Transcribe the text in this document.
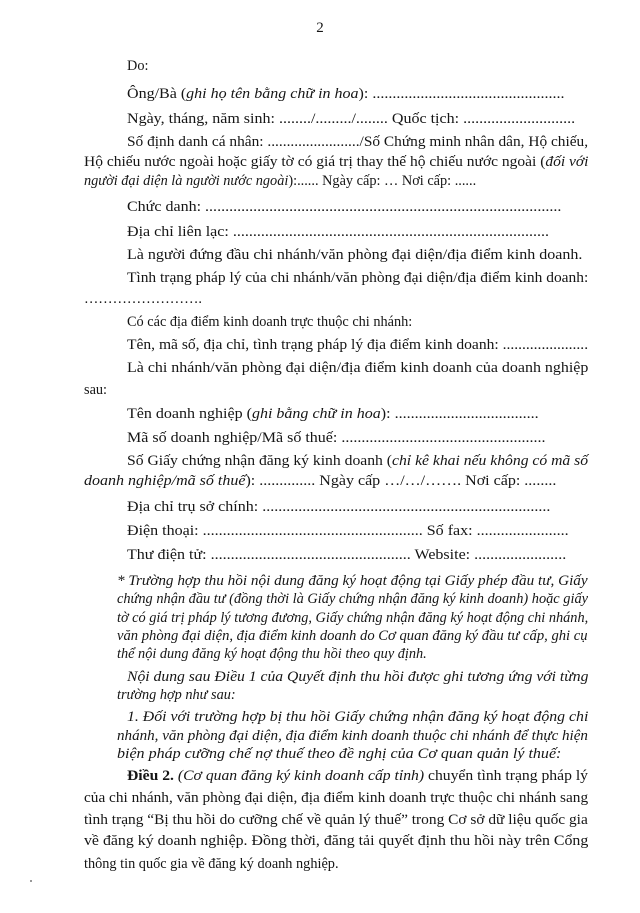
2
Do:
Ông/Bà (ghi họ tên bằng chữ in hoa): ................................................
Ngày, tháng, năm sinh: ......../........./........ Quốc tịch: ............................
Số định danh cá nhân: ......................../Số Chứng minh nhân dân, Hộ chiếu,
Hộ chiếu nước ngoài hoặc giấy tờ có giá trị thay thế hộ chiếu nước ngoài (đối với
người đại diện là người nước ngoài):...... Ngày cấp: … Nơi cấp: ......
Chức danh: .........................................................................................
Địa chỉ liên lạc: ...............................................................................
Là người đứng đầu chi nhánh/văn phòng đại diện/địa điểm kinh doanh.
Tình trạng pháp lý của chi nhánh/văn phòng đại diện/địa điểm kinh doanh:
…………………….
Có các địa điểm kinh doanh trực thuộc chi nhánh:
Tên, mã số, địa chỉ, tình trạng pháp lý địa điểm kinh doanh: ......................
Là chi nhánh/văn phòng đại diện/địa điểm kinh doanh của doanh nghiệp
sau:
Tên doanh nghiệp (ghi bằng chữ in hoa): ....................................
Mã số doanh nghiệp/Mã số thuế: ...................................................
Số Giấy chứng nhận đăng ký kinh doanh (chỉ kê khai nếu không có mã số
doanh nghiệp/mã số thuế): .............. Ngày cấp …/…/……. Nơi cấp: ........
Địa chỉ trụ sở chính: ........................................................................
Điện thoại: ....................................................... Số fax: .......................
Thư điện tử: .................................................. Website: .......................
* Trường hợp thu hồi nội dung đăng ký hoạt động tại Giấy phép đầu tư, Giấy
chứng nhận đầu tư (đồng thời là Giấy chứng nhận đăng ký kinh doanh) hoặc giấy
tờ có giá trị pháp lý tương đương, Giấy chứng nhận đăng ký hoạt động chi nhánh,
văn phòng đại diện, địa điểm kinh doanh do Cơ quan đăng ký đầu tư cấp, ghi cụ
thể nội dung đăng ký hoạt động thu hồi theo quy định.
Nội dung sau Điều 1 của Quyết định thu hồi được ghi tương ứng với từng
trường hợp như sau:
1. Đối với trường hợp bị thu hồi Giấy chứng nhận đăng ký hoạt động chi
nhánh, văn phòng đại diện, địa điểm kinh doanh thuộc chi nhánh để thực hiện
biện pháp cưỡng chế nợ thuế theo đề nghị của Cơ quan quản lý thuế:
Điều 2. (Cơ quan đăng ký kinh doanh cấp tỉnh) chuyển tình trạng pháp lý
của chi nhánh, văn phòng đại diện, địa điểm kinh doanh trực thuộc chi nhánh sang
tình trạng “Bị thu hồi do cưỡng chế về quản lý thuế” trong Cơ sở dữ liệu quốc gia
về đăng ký doanh nghiệp. Đồng thời, đăng tải quyết định thu hồi này trên Cổng
thông tin quốc gia về đăng ký doanh nghiệp.
